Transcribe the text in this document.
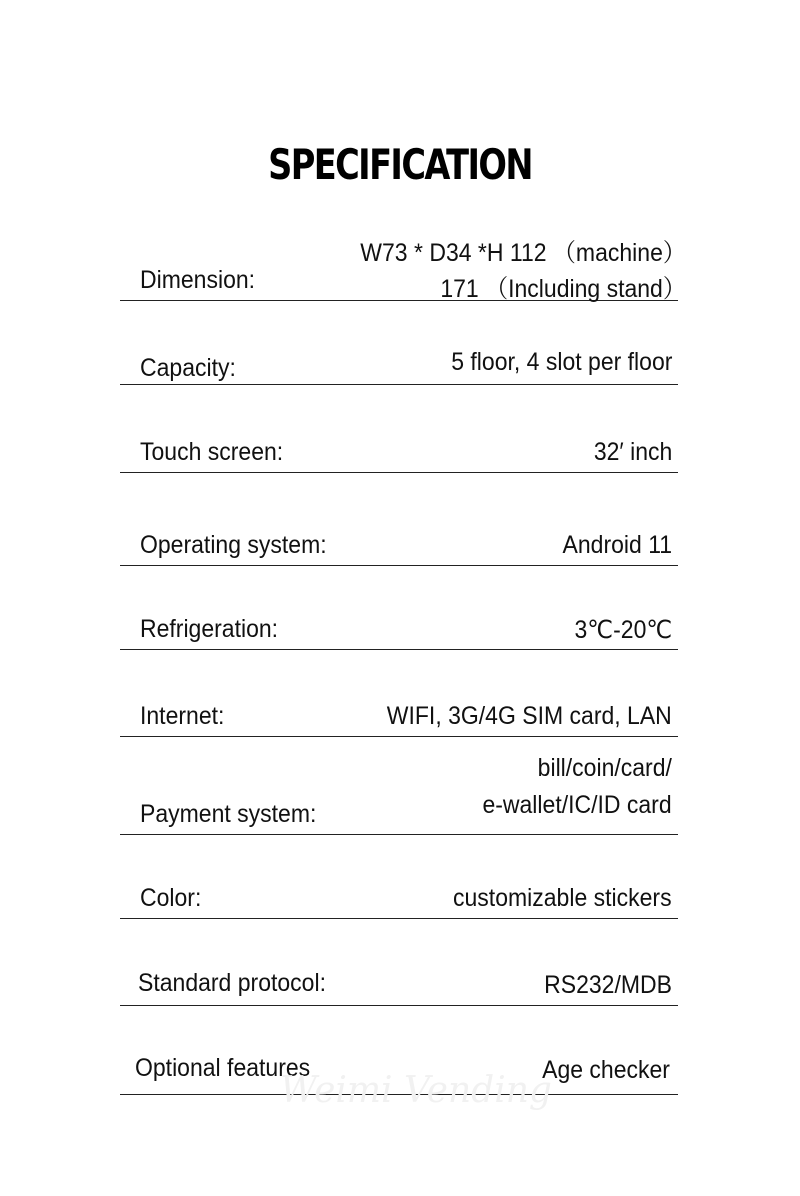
SPECIFICATION
Dimension:
W73 * D34 *H 112 （machine）
171 （Including stand）
Capacity:	5 floor, 4 slot per floor
Touch screen:	32′ inch
Operating system:	Android 11
Refrigeration:	3℃-20℃
Internet:	WIFI, 3G/4G SIM card, LAN
Payment system:
bill/coin/card/
e-wallet/IC/ID card
Color:	customizable stickers
Standard protocol:	RS232/MDB
Optional features	Age checker
Weimi Vending
